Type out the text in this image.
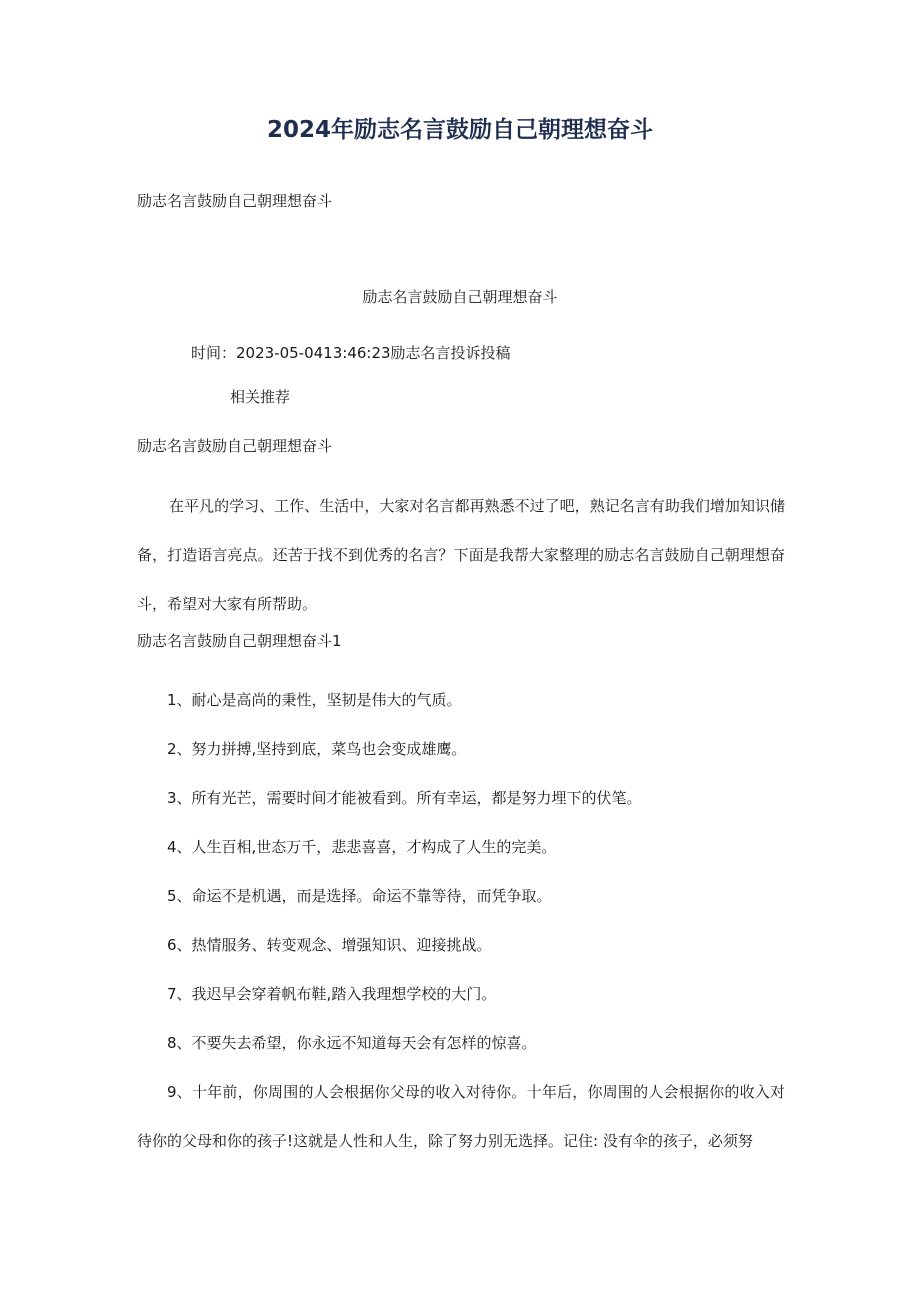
2024年励志名言鼓励自己朝理想奋斗

励志名言鼓励自己朝理想奋斗

励志名言鼓励自己朝理想奋斗

时间：2023-05-0413:46:23励志名言投诉投稿

相关推荐

励志名言鼓励自己朝理想奋斗

在平凡的学习、工作、生活中，大家对名言都再熟悉不过了吧，熟记名言有助我们增加知识储备，打造语言亮点。还苦于找不到优秀的名言？下面是我帮大家整理的励志名言鼓励自己朝理想奋斗，希望对大家有所帮助。

励志名言鼓励自己朝理想奋斗1

1、耐心是高尚的秉性，坚韧是伟大的气质。
2、努力拼搏,坚持到底，菜鸟也会变成雄鹰。
3、所有光芒，需要时间才能被看到。所有幸运，都是努力埋下的伏笔。
4、人生百相,世态万千，悲悲喜喜，才构成了人生的完美。
5、命运不是机遇，而是选择。命运不靠等待，而凭争取。
6、热情服务、转变观念、增强知识、迎接挑战。
7、我迟早会穿着帆布鞋,踏入我理想学校的大门。
8、不要失去希望，你永远不知道每天会有怎样的惊喜。
9、十年前，你周围的人会根据你父母的收入对待你。十年后，你周围的人会根据你的收入对待你的父母和你的孩子!这就是人性和人生，除了努力别无选择。记住: 没有伞的孩子，必须努
